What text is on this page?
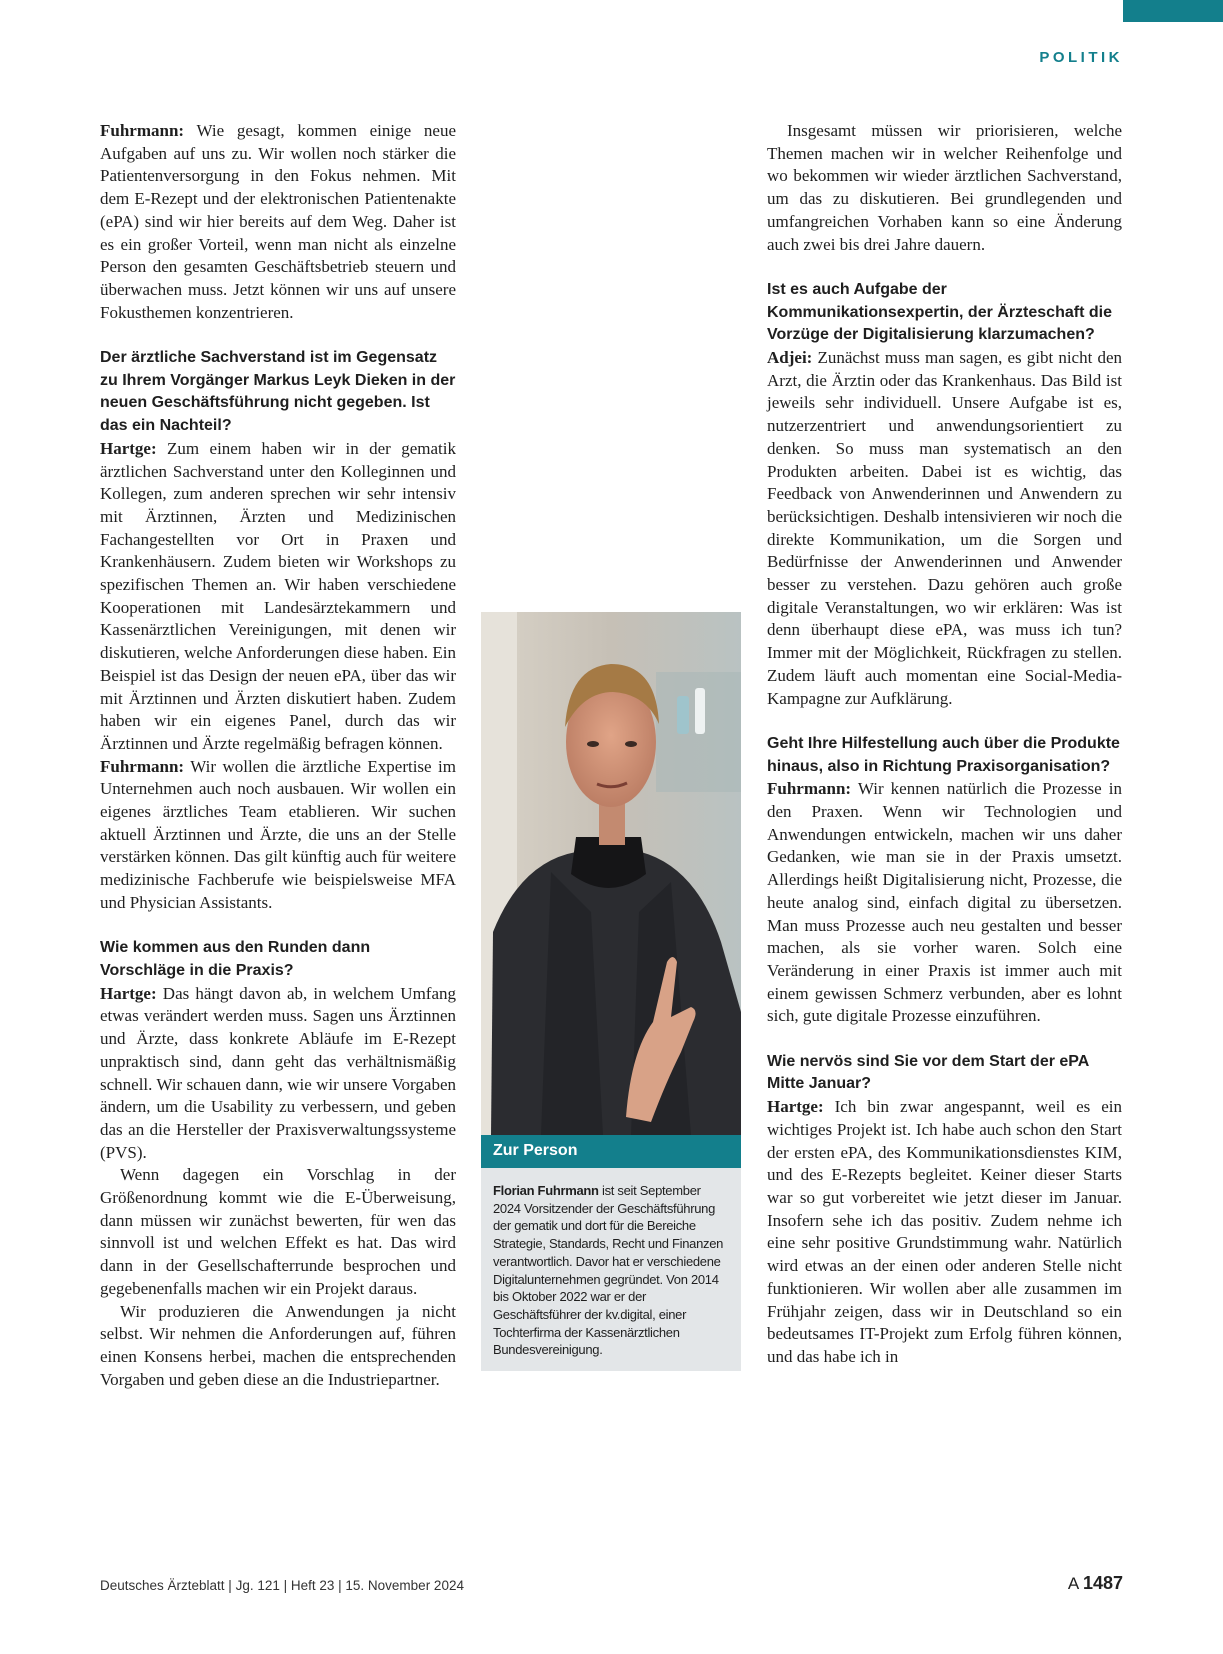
POLITIK

Fuhrmann: Wie gesagt, kommen einige neue Aufgaben auf uns zu. Wir wollen noch stärker die Patientenversorgung in den Fokus nehmen. Mit dem E-Rezept und der elektronischen Patientenakte (ePA) sind wir hier bereits auf dem Weg. Daher ist es ein großer Vorteil, wenn man nicht als einzelne Person den gesamten Geschäftsbetrieb steuern und überwachen muss. Jetzt können wir uns auf unsere Fokusthemen konzentrieren.

Der ärztliche Sachverstand ist im Gegensatz zu Ihrem Vorgänger Markus Leyk Dieken in der neuen Geschäftsführung nicht gegeben. Ist das ein Nachteil?

Hartge: Zum einem haben wir in der gematik ärztlichen Sachverstand unter den Kolleginnen und Kollegen, zum anderen sprechen wir sehr intensiv mit Ärztinnen, Ärzten und Medizinischen Fachangestellten vor Ort in Praxen und Krankenhäusern. Zudem bieten wir Workshops zu spezifischen Themen an. Wir haben verschiedene Kooperationen mit Landesärztekammern und Kassenärztlichen Vereinigungen, mit denen wir diskutieren, welche Anforderungen diese haben. Ein Beispiel ist das Design der neuen ePA, über das wir mit Ärztinnen und Ärzten diskutiert haben. Zudem haben wir ein eigenes Panel, durch das wir Ärztinnen und Ärzte regelmäßig befragen können.

Fuhrmann: Wir wollen die ärztliche Expertise im Unternehmen auch noch ausbauen. Wir wollen ein eigenes ärztliches Team etablieren. Wir suchen aktuell Ärztinnen und Ärzte, die uns an der Stelle verstärken können. Das gilt künftig auch für weitere medizinische Fachberufe wie beispielsweise MFA und Physician Assistants.

Wie kommen aus den Runden dann Vorschläge in die Praxis?

Hartge: Das hängt davon ab, in welchem Umfang etwas verändert werden muss. Sagen uns Ärztinnen und Ärzte, dass konkrete Abläufe im E-Rezept unpraktisch sind, dann geht das verhältnismäßig schnell. Wir schauen dann, wie wir unsere Vorgaben ändern, um die Usability zu verbessern, und geben das an die Hersteller der Praxisverwaltungssysteme (PVS).

Wenn dagegen ein Vorschlag in der Größenordnung kommt wie die E-Überweisung, dann müssen wir zunächst bewerten, für wen das sinnvoll ist und welchen Effekt es hat. Das wird dann in der Gesellschafterrunde besprochen und gegebenenfalls machen wir ein Projekt daraus.

Wir produzieren die Anwendungen ja nicht selbst. Wir nehmen die Anforderungen auf, führen einen Konsens herbei, machen die entsprechenden Vorgaben und geben diese an die Industriepartner.

Zur Person
Florian Fuhrmann ist seit September 2024 Vorsitzender der Geschäftsführung der gematik und dort für die Bereiche Strategie, Standards, Recht und Finanzen verantwortlich. Davor hat er verschiedene Digitalunternehmen gegründet. Von 2014 bis Oktober 2022 war er der Geschäftsführer der kv.digital, einer Tochterfirma der Kassenärztlichen Bundesvereinigung.

Insgesamt müssen wir priorisieren, welche Themen machen wir in welcher Reihenfolge und wo bekommen wir wieder ärztlichen Sachverstand, um das zu diskutieren. Bei grundlegenden und umfangreichen Vorhaben kann so eine Änderung auch zwei bis drei Jahre dauern.

Ist es auch Aufgabe der Kommunikationsexpertin, der Ärzteschaft die Vorzüge der Digitalisierung klarzumachen?

Adjei: Zunächst muss man sagen, es gibt nicht den Arzt, die Ärztin oder das Krankenhaus. Das Bild ist jeweils sehr individuell. Unsere Aufgabe ist es, nutzerzentriert und anwendungsorientiert zu denken. So muss man systematisch an den Produkten arbeiten. Dabei ist es wichtig, das Feedback von Anwenderinnen und Anwendern zu berücksichtigen. Deshalb intensivieren wir noch die direkte Kommunikation, um die Sorgen und Bedürfnisse der Anwenderinnen und Anwender besser zu verstehen. Dazu gehören auch große digitale Veranstaltungen, wo wir erklären: Was ist denn überhaupt diese ePA, was muss ich tun? Immer mit der Möglichkeit, Rückfragen zu stellen. Zudem läuft auch momentan eine Social-Media-Kampagne zur Aufklärung.

Geht Ihre Hilfestellung auch über die Produkte hinaus, also in Richtung Praxisorganisation?

Fuhrmann: Wir kennen natürlich die Prozesse in den Praxen. Wenn wir Technologien und Anwendungen entwickeln, machen wir uns daher Gedanken, wie man sie in der Praxis umsetzt. Allerdings heißt Digitalisierung nicht, Prozesse, die heute analog sind, einfach digital zu übersetzen. Man muss Prozesse auch neu gestalten und besser machen, als sie vorher waren. Solch eine Veränderung in einer Praxis ist immer auch mit einem gewissen Schmerz verbunden, aber es lohnt sich, gute digitale Prozesse einzuführen.

Wie nervös sind Sie vor dem Start der ePA Mitte Januar?

Hartge: Ich bin zwar angespannt, weil es ein wichtiges Projekt ist. Ich habe auch schon den Start der ersten ePA, des Kommunikationsdienstes KIM, und des E-Rezepts begleitet. Keiner dieser Starts war so gut vorbereitet wie jetzt dieser im Januar. Insofern sehe ich das positiv. Zudem nehme ich eine sehr positive Grundstimmung wahr. Natürlich wird etwas an der einen oder anderen Stelle nicht funktionieren. Wir wollen aber alle zusammen im Frühjahr zeigen, dass wir in Deutschland so ein bedeutsames IT-Projekt zum Erfolg führen können, und das habe ich in

Deutsches Ärzteblatt | Jg. 121 | Heft 23 | 15. November 2024	A 1487
